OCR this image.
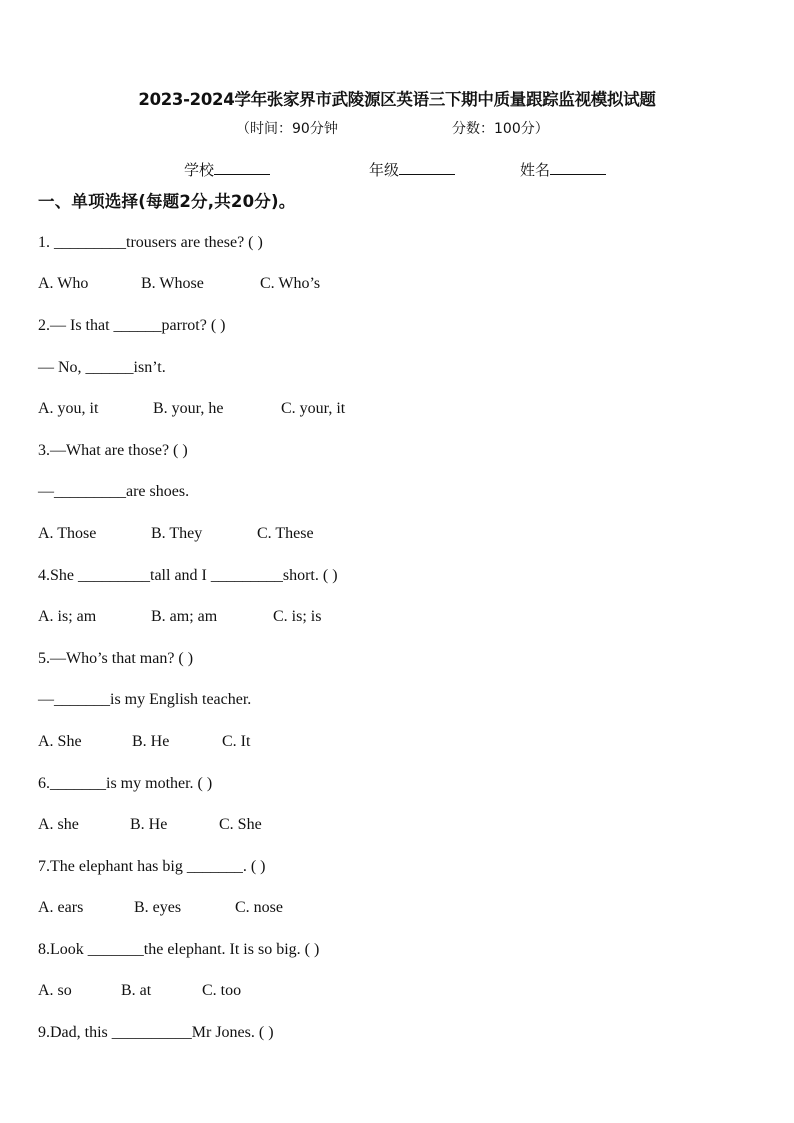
2023-2024学年张家界市武陵源区英语三下期中质量跟踪监视模拟试题
（时间：90分钟	分数：100分）
学校	年级	姓名
一、单项选择(每题2分,共20分)。
1. _________trousers are these? ( )
A. Who	B. Whose	C. Who’s
2.— Is that ______parrot? ( )
— No, ______isn’t.
A. you, it	B. your, he	C. your, it
3.—What are those? ( )
—_________are shoes.
A. Those	B. They	C. These
4.She _________tall and I _________short. ( )
A. is; am	B. am; am	C. is; is
5.—Who’s that man? ( )
—_______is my English teacher.
A. She	B. He	C. It
6._______is my mother. ( )
A. she	B. He	C. She
7.The elephant has big _______. ( )
A. ears	B. eyes	C. nose
8.Look _______the elephant. It is so big. ( )
A. so	B. at	C. too
9.Dad, this __________Mr Jones. ( )
